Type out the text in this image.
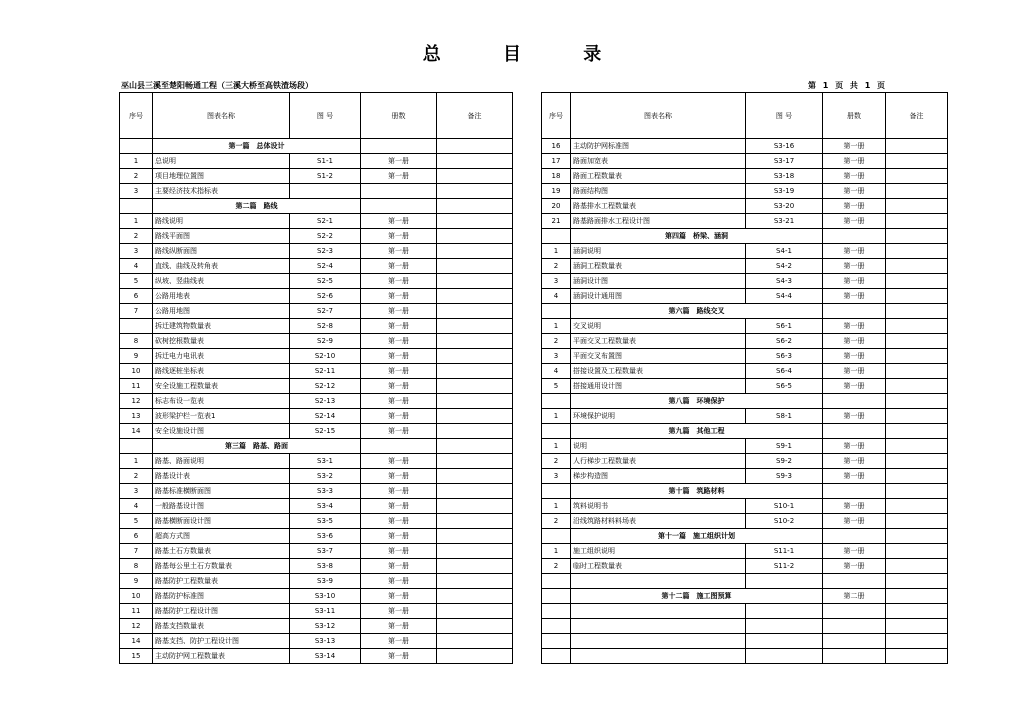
总	目	录
巫山县三溪至楚阳畅通工程（三溪大桥至高铁渣场段）	第 1 页 共 1 页
序号	图表名称	图 号	册数	备注
	第一篇　总体设计			
1	总说明	S1-1	第一册	
2	项目地理位置图	S1-2	第一册	
3	主要经济技术指标表			
	第二篇　路线			
1	路线说明	S2-1	第一册	
2	路线平面图	S2-2	第一册	
3	路线纵断面图	S2-3	第一册	
4	直线、曲线及转角表	S2-4	第一册	
5	纵坡、竖曲线表	S2-5	第一册	
6	公路用地表	S2-6	第一册	
7	公路用地图	S2-7	第一册	
	拆迁建筑物数量表	S2-8	第一册	
8	砍树挖根数量表	S2-9	第一册	
9	拆迁电力电讯表	S2-10	第一册	
10	路线逐桩坐标表	S2-11	第一册	
11	安全设施工程数量表	S2-12	第一册	
12	标志布设一览表	S2-13	第一册	
13	波形梁护栏一览表1	S2-14	第一册	
14	安全设施设计图	S2-15	第一册	
	第三篇　路基、路面			
1	路基、路面说明	S3-1	第一册	
2	路基设计表	S3-2	第一册	
3	路基标准横断面图	S3-3	第一册	
4	一般路基设计图	S3-4	第一册	
5	路基横断面设计图	S3-5	第一册	
6	超高方式图	S3-6	第一册	
7	路基土石方数量表	S3-7	第一册	
8	路基每公里土石方数量表	S3-8	第一册	
9	路基防护工程数量表	S3-9	第一册	
10	路基防护标准图	S3-10	第一册	
11	路基防护工程设计图	S3-11	第一册	
12	路基支挡数量表	S3-12	第一册	
14	路基支挡、防护工程设计图	S3-13	第一册	
15	主动防护网工程数量表	S3-14	第一册	
序号	图表名称	图 号	册数	备注
16	主动防护网标准图	S3-16	第一册	
17	路面加宽表	S3-17	第一册	
18	路面工程数量表	S3-18	第一册	
19	路面结构图	S3-19	第一册	
20	路基排水工程数量表	S3-20	第一册	
21	路基路面排水工程设计图	S3-21	第一册	
	第四篇　桥梁、涵洞			
1	涵洞说明	S4-1	第一册	
2	涵洞工程数量表	S4-2	第一册	
3	涵洞设计图	S4-3	第一册	
4	涵洞设计通用图	S4-4	第一册	
	第六篇　路线交叉			
1	交叉说明	S6-1	第一册	
2	平面交叉工程数量表	S6-2	第一册	
3	平面交叉布置图	S6-3	第一册	
4	搭接设置及工程数量表	S6-4	第一册	
5	搭接通用设计图	S6-5	第一册	
	第八篇　环境保护			
1	环境保护说明	S8-1	第一册	
	第九篇　其他工程			
1	说明	S9-1	第一册	
2	人行梯步工程数量表	S9-2	第一册	
3	梯步构造图	S9-3	第一册	
	第十篇　筑路材料			
1	筑料说明书	S10-1	第一册	
2	沿线筑路材料料场表	S10-2	第一册	
	第十一篇　施工组织计划			
1	施工组织说明	S11-1	第一册	
2	临时工程数量表	S11-2	第一册	

	第十二篇　施工图预算		第二册	
